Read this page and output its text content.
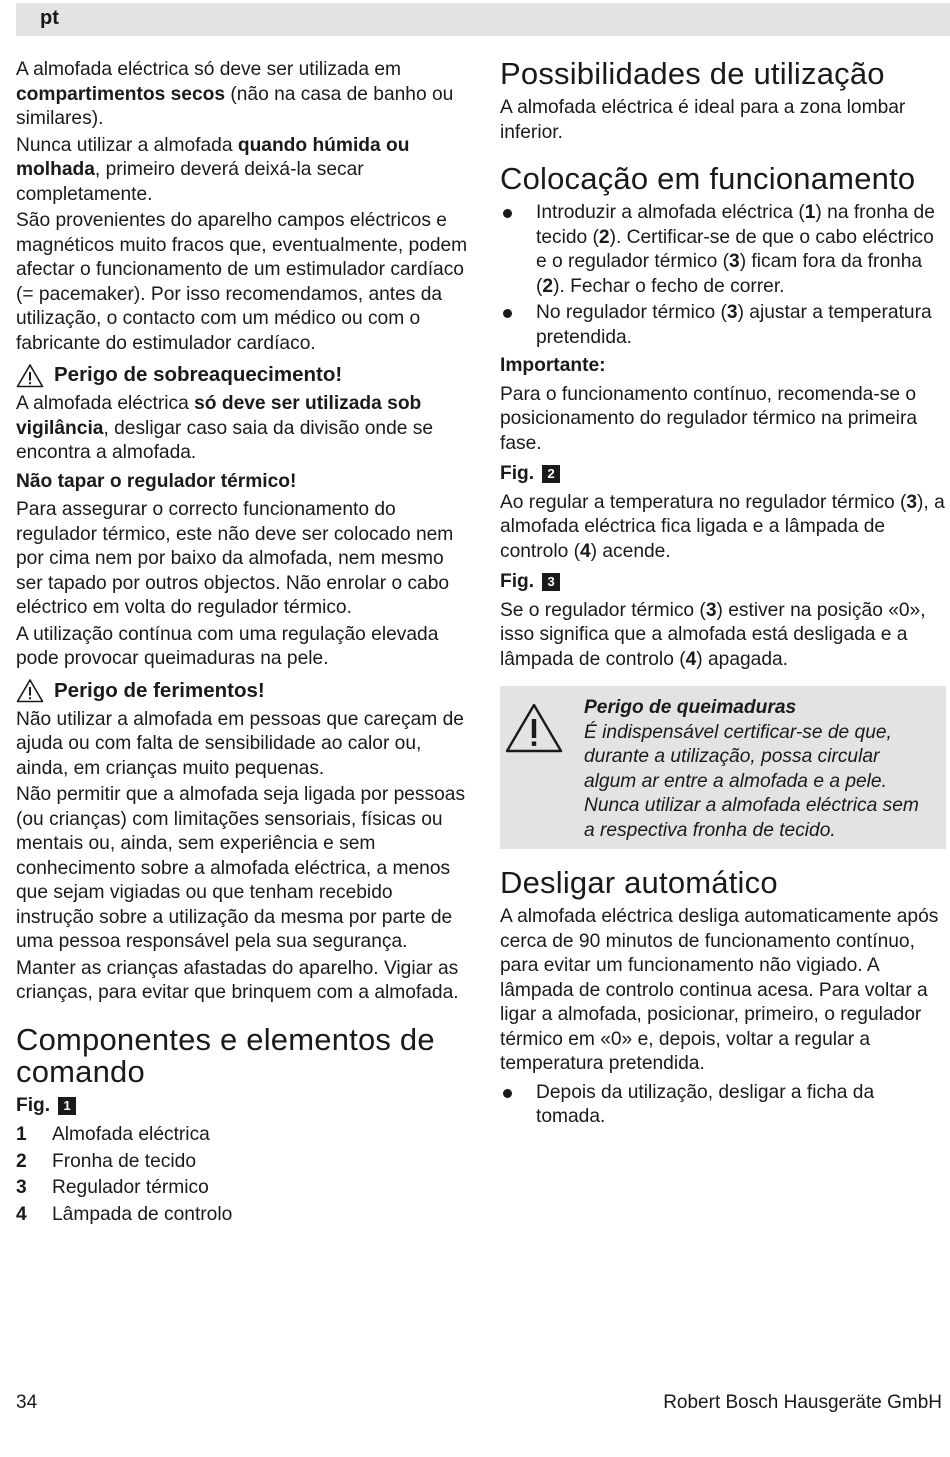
pt

A almofada eléctrica só deve ser utilizada em compartimentos secos (não na casa de banho ou similares).

Nunca utilizar a almofada quando húmida ou molhada, primeiro deverá deixá-la secar completamente.

São provenientes do aparelho campos eléctricos e magnéticos muito fracos que, eventualmente, podem afectar o funcionamento de um estimulador cardíaco (= pacemaker). Por isso recomendamos, antes da utilização, o contacto com um médico ou com o fabricante do estimulador cardíaco.

Perigo de sobreaquecimento!

A almofada eléctrica só deve ser utilizada sob vigilância, desligar caso saia da divisão onde se encontra a almofada.

Não tapar o regulador térmico!

Para assegurar o correcto funcionamento do regulador térmico, este não deve ser colocado nem por cima nem por baixo da almofada, nem mesmo ser tapado por outros objectos. Não enrolar o cabo eléctrico em volta do regulador térmico.

A utilização contínua com uma regulação elevada pode provocar queimaduras na pele.

Perigo de ferimentos!

Não utilizar a almofada em pessoas que careçam de ajuda ou com falta de sensibilidade ao calor ou, ainda, em crianças muito pequenas.

Não permitir que a almofada seja ligada por pessoas (ou crianças) com limitações sensoriais, físicas ou mentais ou, ainda, sem experiência e sem conhecimento sobre a almofada eléctrica, a menos que sejam vigiadas ou que tenham recebido instrução sobre a utilização da mesma por parte de uma pessoa responsável pela sua segurança.

Manter as crianças afastadas do aparelho. Vigiar as crianças, para evitar que brinquem com a almofada.

Componentes e elementos de comando
Fig.	1
1	Almofada eléctrica
2	Fronha de tecido
3	Regulador térmico
4	Lâmpada de controlo
Possibilidades de utilização

A almofada eléctrica é ideal para a zona lombar inferior.

Colocação em funcionamento
Introduzir a almofada eléctrica (1) na fronha de tecido (2). Certificar-se de que o cabo eléctrico e o regulador térmico (3) ficam fora da fronha (2). Fechar o fecho de correr.
No regulador térmico (3) ajustar a temperatura pretendida.

Importante:

Para o funcionamento contínuo, recomenda-se o posicionamento do regulador térmico na primeira fase.

Fig.	2

Ao regular a temperatura no regulador térmico (3), a almofada eléctrica fica ligada e a lâmpada de controlo (4) acende.

Fig.	3

Se o regulador térmico (3) estiver na posição «0», isso significa que a almofada está desligada e a lâmpada de controlo (4) apagada.

Perigo de queimaduras
É indispensável certificar-se de que, durante a utilização, possa circular algum ar entre a almofada e a pele. Nunca utilizar a almofada eléctrica sem a respectiva fronha de tecido.
Desligar automático

A almofada eléctrica desliga automaticamente após cerca de 90 minutos de funcionamento contínuo, para evitar um funcionamento não vigiado. A lâmpada de controlo continua acesa. Para voltar a ligar a almofada, posicionar, primeiro, o regulador térmico em «0» e, depois, voltar a regular a temperatura pretendida.

Depois da utilização, desligar a ficha da tomada.
34	Robert Bosch Hausgeräte GmbH
